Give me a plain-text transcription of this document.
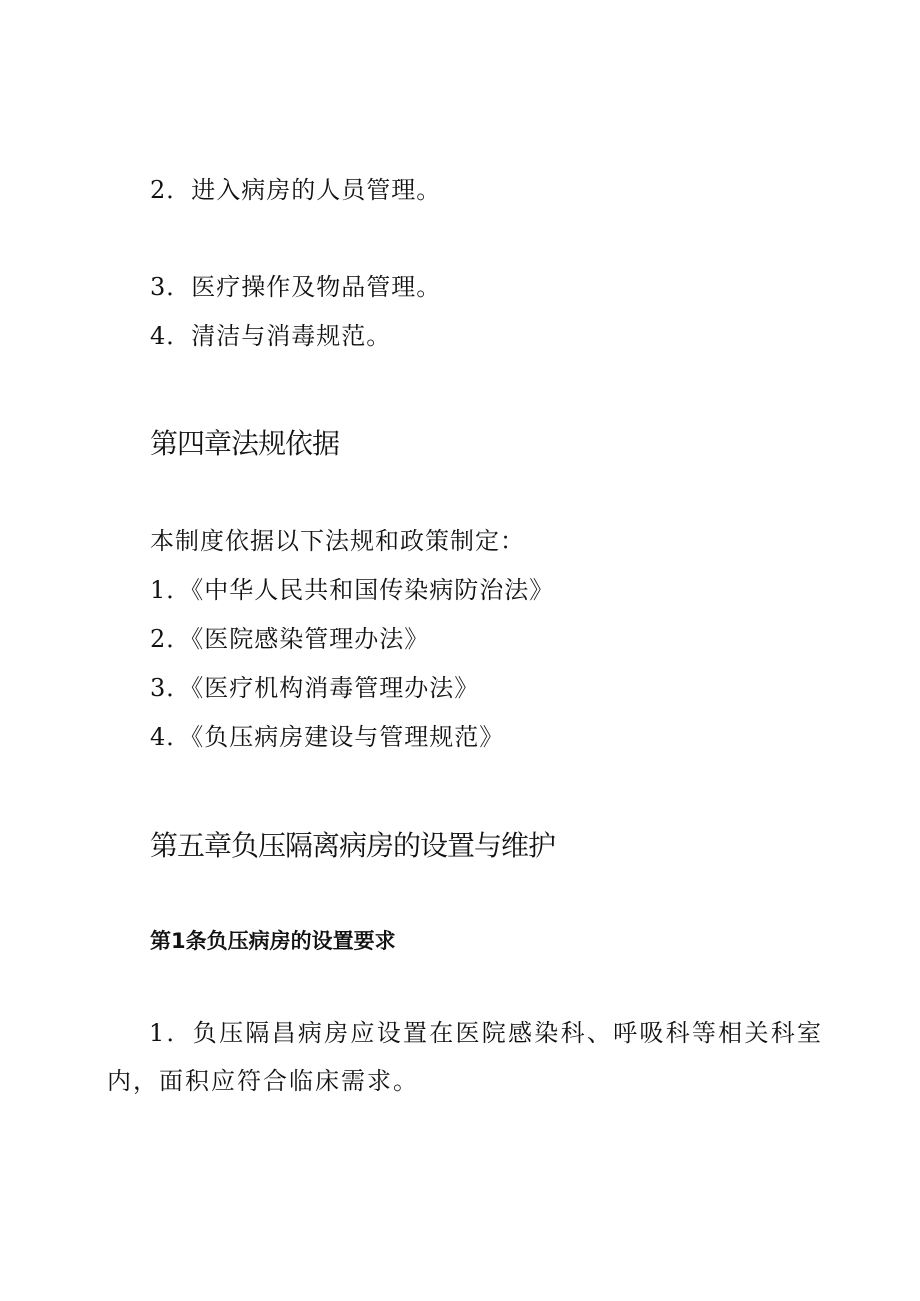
2．进入病房的人员管理。
3．医疗操作及物品管理。
4．清洁与消毒规范。
第四章法规依据
本制度依据以下法规和政策制定：
1．《中华人民共和国传染病防治法》
2．《医院感染管理办法》
3．《医疗机构消毒管理办法》
4．《负压病房建设与管理规范》
第五章负压隔离病房的设置与维护
第1条负压病房的设置要求
1．负压隔昌病房应设置在医院感染科、呼吸科等相关科室内，面积应符合临床需求。
